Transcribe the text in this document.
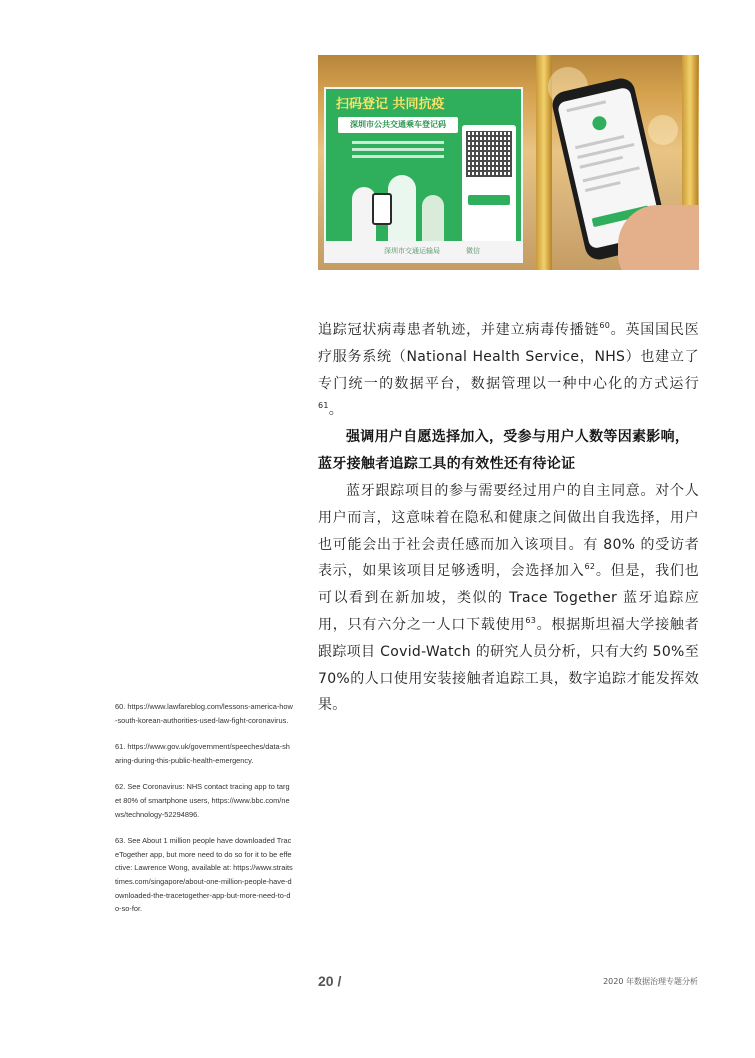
扫码登记 共同抗疫
深圳市公共交通乘车登记码
深圳市交通运输局	微信
追踪冠状病毒患者轨迹，并建立病毒传播链$^{60}$。英国国民医疗服务系统（National Health Service，NHS）也建立了专门统一的数据平台，数据管理以一种中心化的方式运行$^{61}$。
强调用户自愿选择加入，受参与用户人数等因素影响，蓝牙接触者追踪工具的有效性还有待论证
蓝牙跟踪项目的参与需要经过用户的自主同意。对个人用户而言，这意味着在隐私和健康之间做出自我选择，用户也可能会出于社会责任感而加入该项目。有 80% 的受访者表示，如果该项目足够透明，会选择加入$^{62}$。但是，我们也可以看到在新加坡，类似的 Trace Together 蓝牙追踪应用，只有六分之一人口下载使用$^{63}$。根据斯坦福大学接触者跟踪项目 Covid-Watch 的研究人员分析，只有大约 50%至 70%的人口使用安装接触者追踪工具，数字追踪才能发挥效果。
60. https://www.lawfareblog.com/lessons-america-how-south-korean-authorities-used-law-fight-coronavirus.
61. https://www.gov.uk/government/speeches/data-sharing-during-this-public-health-emergency.
62. See Coronavirus: NHS contact tracing app to target 80% of smartphone users, https://www.bbc.com/news/technology-52294896.
63. See About 1 million people have downloaded TraceTogether app, but more need to do so for it to be effective: Lawrence Wong, available at: https://www.straitstimes.com/singapore/about-one-million-people-have-downloaded-the-tracetogether-app-but-more-need-to-do-so-for.
20 /	2020 年数据治理专题分析
